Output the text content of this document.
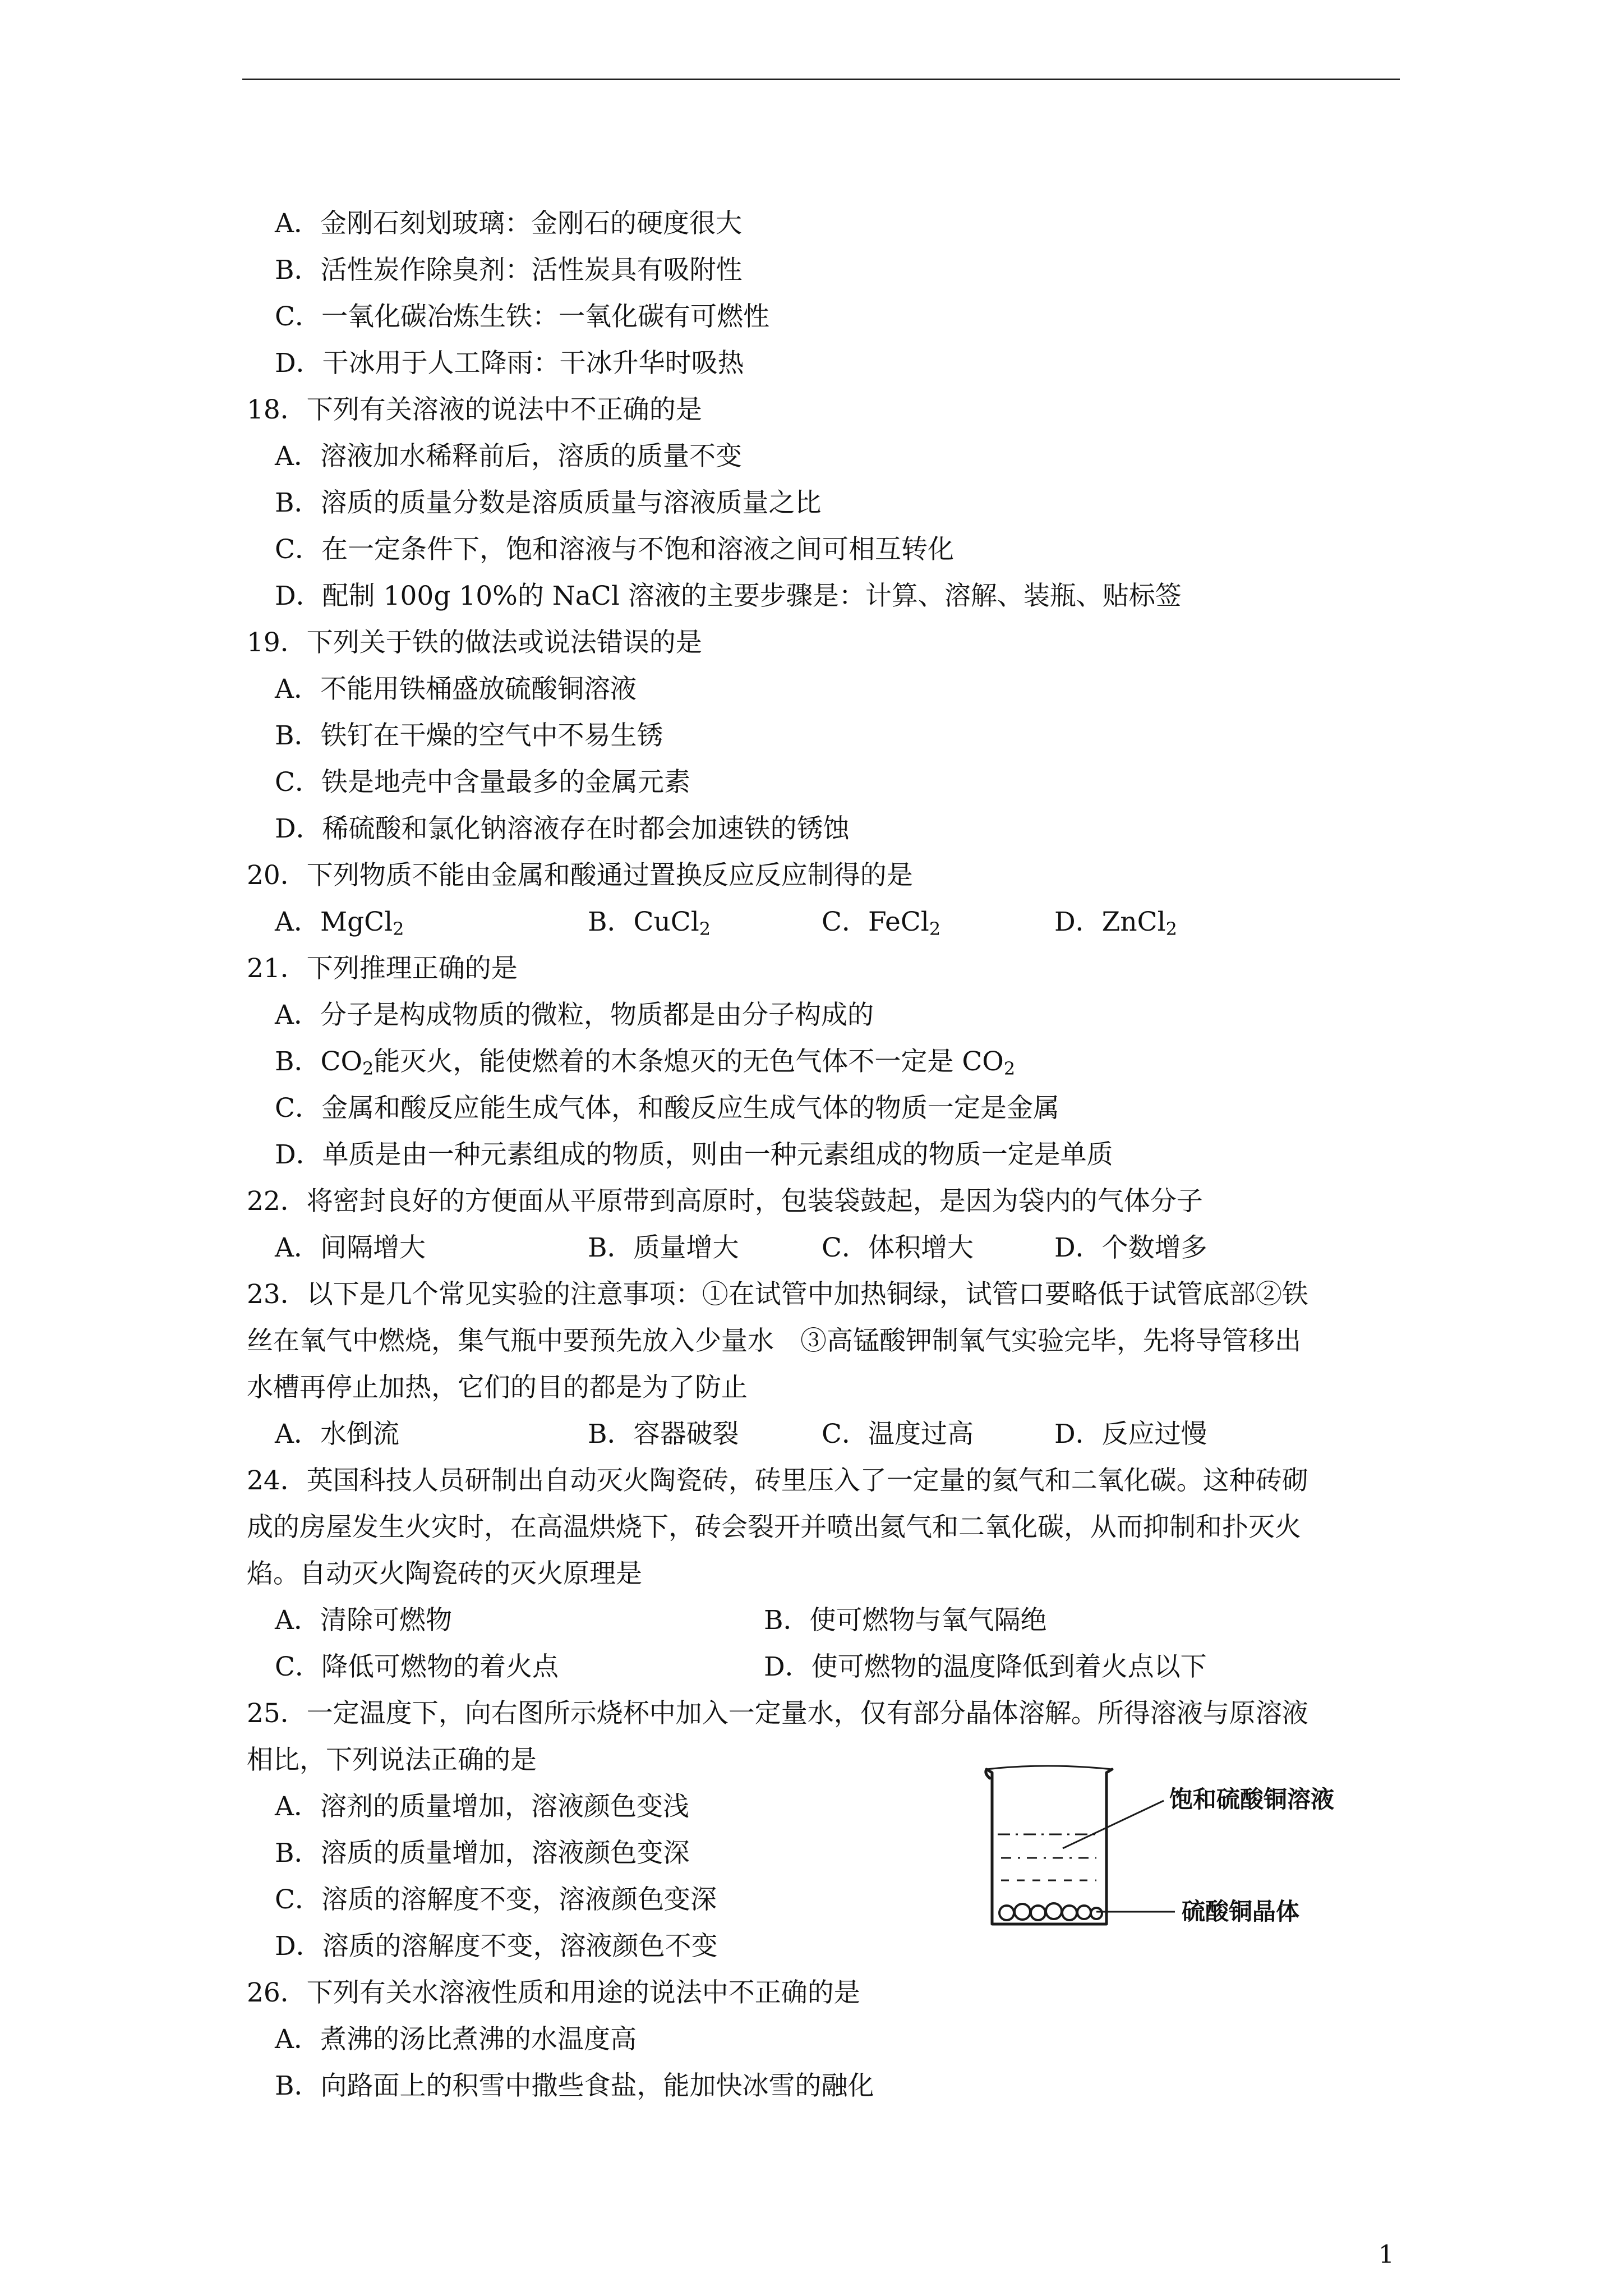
A．金刚石刻划玻璃：金刚石的硬度很大
B．活性炭作除臭剂：活性炭具有吸附性
C．一氧化碳冶炼生铁：一氧化碳有可燃性
D．干冰用于人工降雨：干冰升华时吸热
18．下列有关溶液的说法中不正确的是
A．溶液加水稀释前后，溶质的质量不变
B．溶质的质量分数是溶质质量与溶液质量之比
C．在一定条件下，饱和溶液与不饱和溶液之间可相互转化
D．配制 100g 10%的 NaCl 溶液的主要步骤是：计算、溶解、装瓶、贴标签
19．下列关于铁的做法或说法错误的是
A．不能用铁桶盛放硫酸铜溶液
B．铁钉在干燥的空气中不易生锈
C．铁是地壳中含量最多的金属元素
D．稀硫酸和氯化钠溶液存在时都会加速铁的锈蚀
20．下列物质不能由金属和酸通过置换反应反应制得的是
A．MgCl$_2$	B．CuCl$_2$	C．FeCl$_2$	D．ZnCl$_2$
21．下列推理正确的是
A．分子是构成物质的微粒，物质都是由分子构成的
B．$CO_2$能灭火，能使燃着的木条熄灭的无色气体不一定是 $CO_2$
C．金属和酸反应能生成气体，和酸反应生成气体的物质一定是金属
D．单质是由一种元素组成的物质，则由一种元素组成的物质一定是单质
22．将密封良好的方便面从平原带到高原时，包装袋鼓起，是因为袋内的气体分子
A．间隔增大	B．质量增大	C．体积增大	D．个数增多
23．以下是几个常见实验的注意事项：①在试管中加热铜绿，试管口要略低于试管底部②铁
丝在氧气中燃烧，集气瓶中要预先放入少量水　③高锰酸钾制氧气实验完毕，先将导管移出
水槽再停止加热，它们的目的都是为了防止
A．水倒流	B．容器破裂	C．温度过高	D．反应过慢
24．英国科技人员研制出自动灭火陶瓷砖，砖里压入了一定量的氦气和二氧化碳。这种砖砌
成的房屋发生火灾时，在高温烘烧下，砖会裂开并喷出氦气和二氧化碳，从而抑制和扑灭火
焰。自动灭火陶瓷砖的灭火原理是
A．清除可燃物	B．使可燃物与氧气隔绝
C．降低可燃物的着火点	D．使可燃物的温度降低到着火点以下
25．一定温度下，向右图所示烧杯中加入一定量水，仅有部分晶体溶解。所得溶液与原溶液
相比，下列说法正确的是
A．溶剂的质量增加，溶液颜色变浅
B．溶质的质量增加，溶液颜色变深
C．溶质的溶解度不变，溶液颜色变深
D．溶质的溶解度不变，溶液颜色不变
饱和硫酸铜溶液
硫酸铜晶体
26．下列有关水溶液性质和用途的说法中不正确的是
A．煮沸的汤比煮沸的水温度高
B．向路面上的积雪中撒些食盐，能加快冰雪的融化
1
